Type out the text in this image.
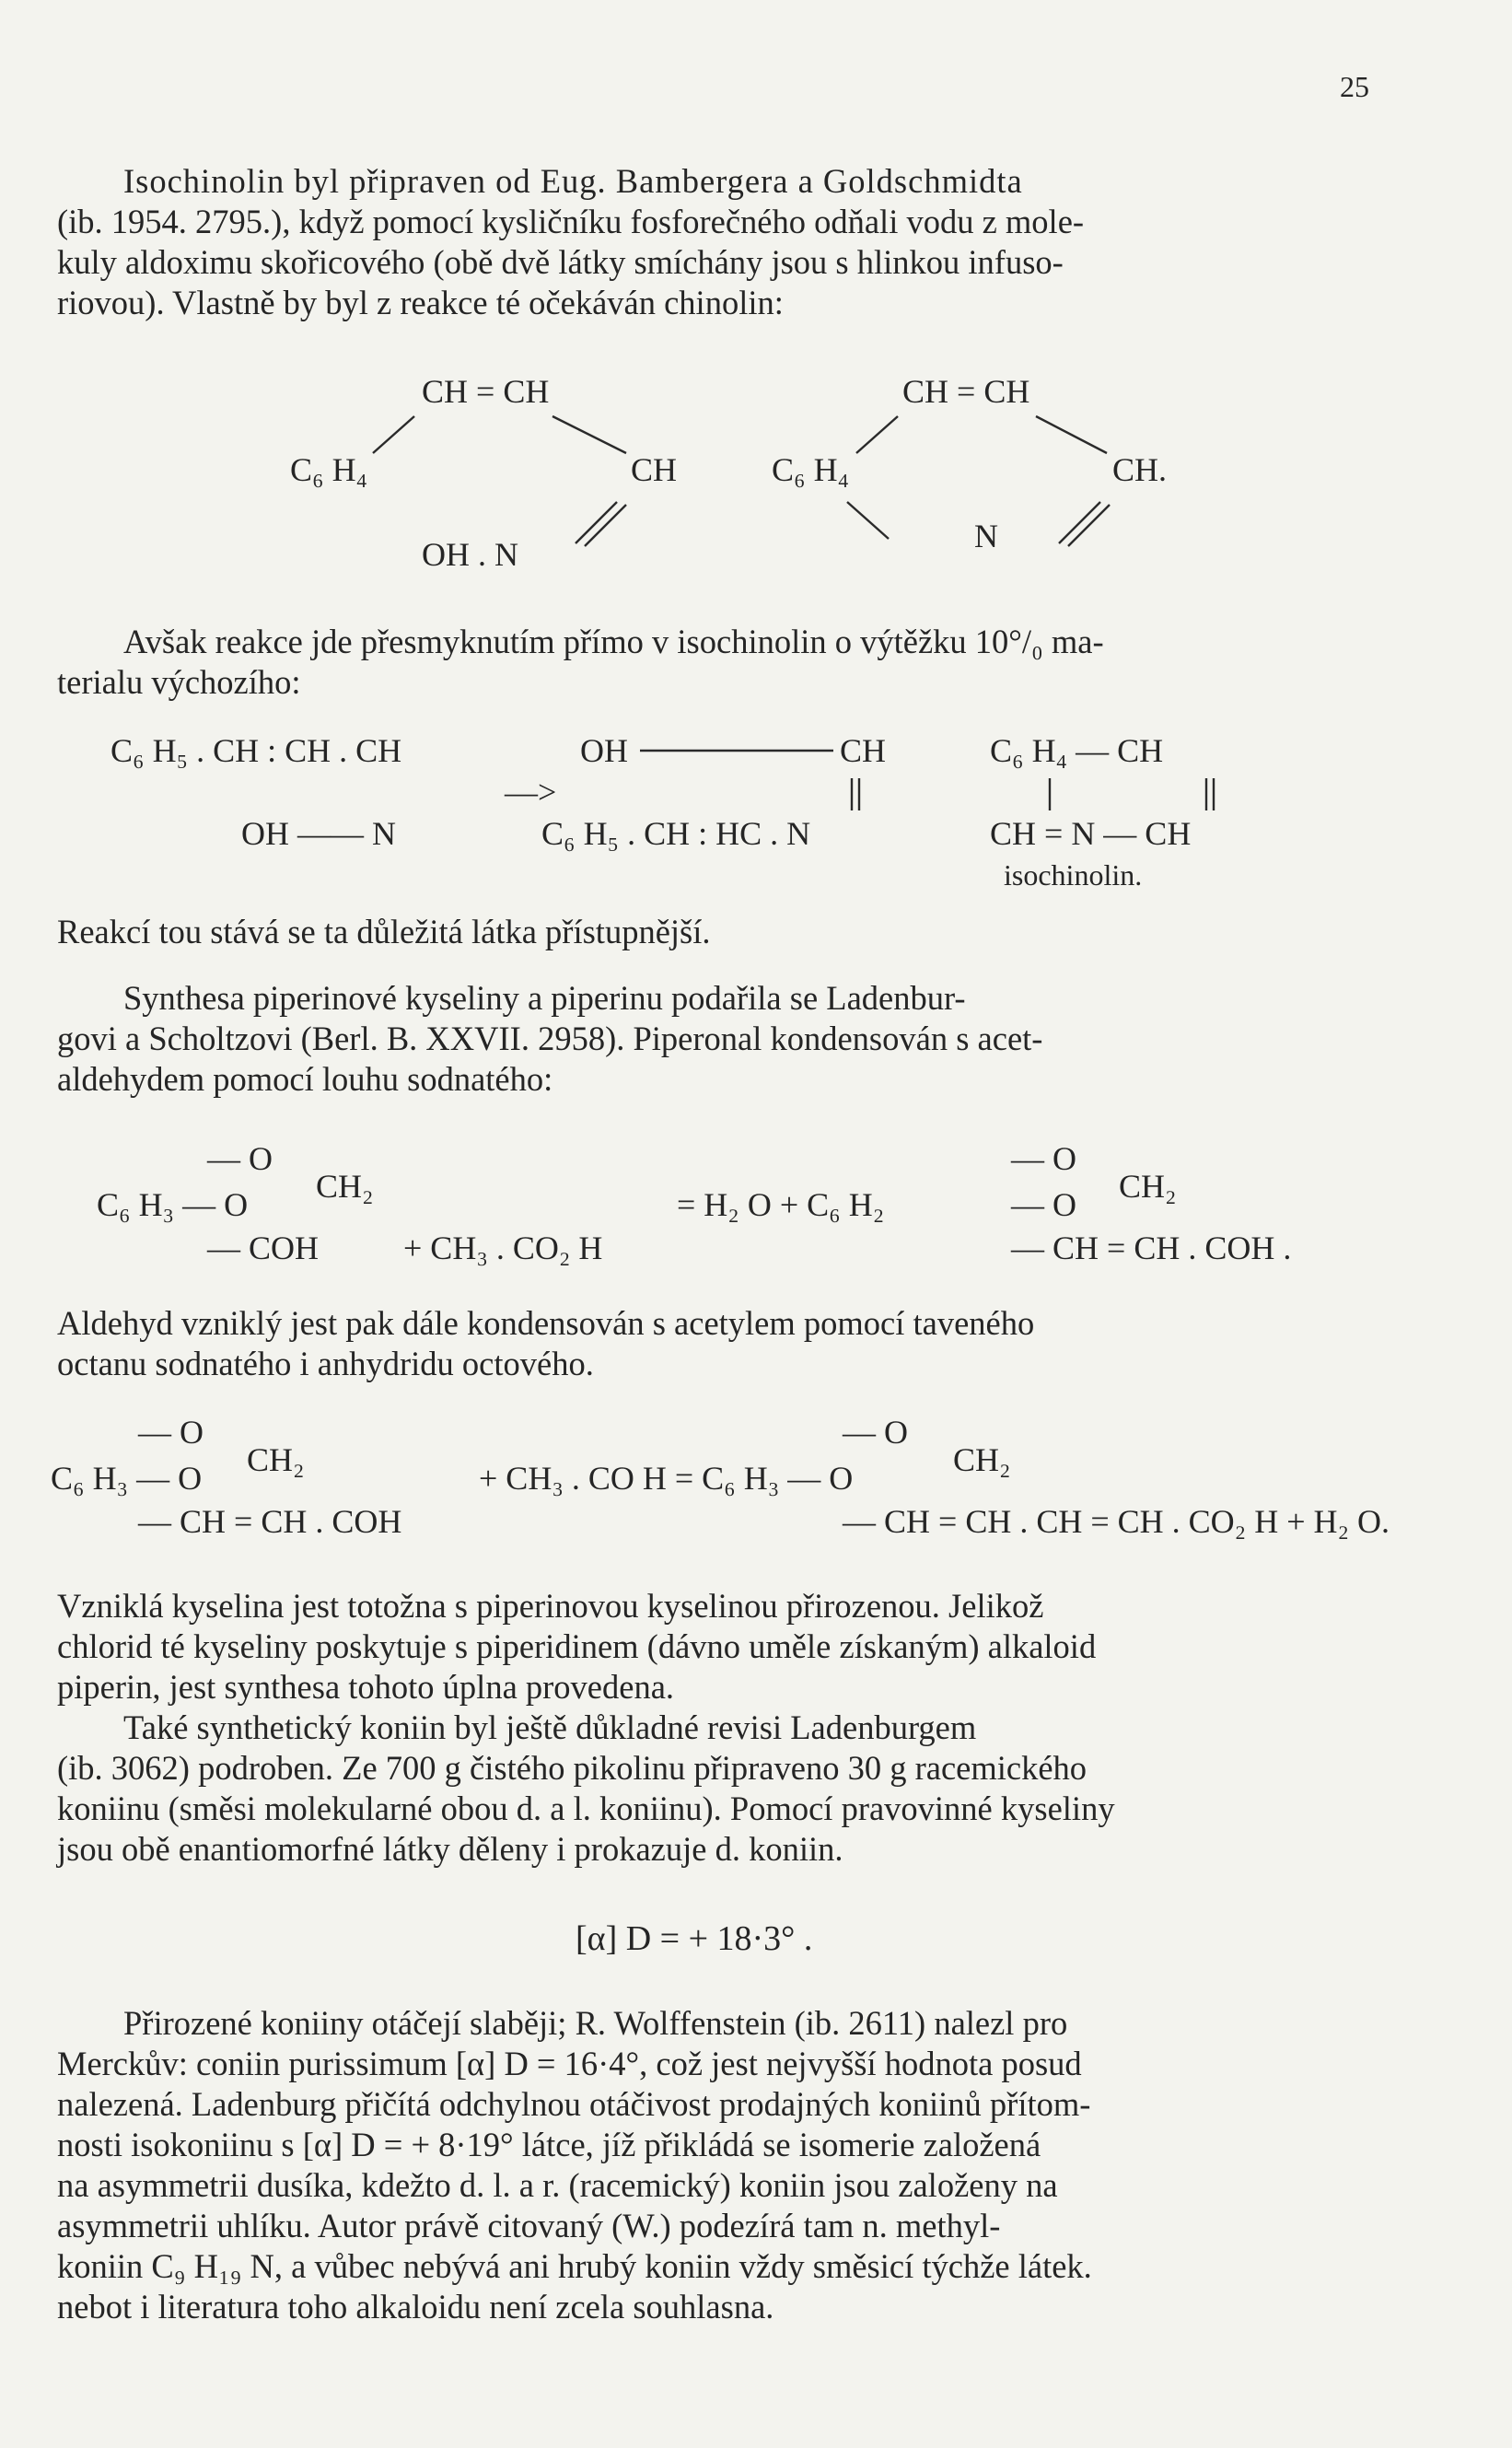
25
Isochinolin byl připraven od Eug. Bambergera a Goldschmidta
(ib. 1954. 2795.), když pomocí kysličníku fosforečného odňali vodu z mole-
kuly aldoximu skořicového (obě dvě látky smíchány jsou s hlinkou infuso-
riovou). Vlastně by byl z reakce té očekáván chinolin:
CH = CH	CH = CH
C₆ H₄	CH	C₆ H₄	CH.
OH . N	N
Avšak reakce jde přesmyknutím přímo v isochinolin o výtěžku 10°/₀ ma-
terialu výchozího:
C₆ H₅ . CH : CH . CH
OH —— N
—>
OH	CH
C₆ H₅ . CH : HC . N
C₆ H₄ — CH
CH = N — CH
isochinolin.
Reakcí tou stává se ta důležitá látka přístupnější.
Synthesa piperinové kyseliny a piperinu podařila se Ladenbur-
govi a Scholtzovi (Berl. B. XXVII. 2958). Piperonal kondensován s acet-
aldehydem pomocí louhu sodnatého:
— O
CH₂
C₆ H₃ — O
— COH	+ CH₃ . CO₂ H
= H₂ O + C₆ H₂
— O
CH₂
— O
— CH = CH . COH .
Aldehyd vzniklý jest pak dále kondensován s acetylem pomocí taveného
octanu sodnatého i anhydridu octového.
— O
CH₂
C₆ H₃ — O
— CH = CH . COH
+ CH₃ . CO H = C₆ H₃ — O
— O
CH₂
— CH = CH . CH = CH . CO₂ H + H₂ O.
Vzniklá kyselina jest totožna s piperinovou kyselinou přirozenou. Jelikož
chlorid té kyseliny poskytuje s piperidinem (dávno uměle získaným) alkaloid
piperin, jest synthesa tohoto úplna provedena.
Také synthetický koniin byl ještě důkladné revisi Ladenburgem
(ib. 3062) podroben. Ze 700 g čistého pikolinu připraveno 30 g racemického
koniinu (směsi molekularné obou d. a l. koniinu). Pomocí pravovinné kyseliny
jsou obě enantiomorfné látky děleny i prokazuje d. koniin.
[α] D = + 18·3° .
Přirozené koniiny otáčejí slaběji; R. Wolffenstein (ib. 2611) nalezl pro
Merckův: coniin purissimum [α] D = 16·4°, což jest nejvyšší hodnota posud
nalezená. Ladenburg přičítá odchylnou otáčivost prodajných koniinů přítom-
nosti isokoniinu s [α] D = + 8·19° látce, jíž přikládá se isomerie založená
na asymmetrii dusíka, kdežto d. l. a r. (racemický) koniin jsou založeny na
asymmetrii uhlíku. Autor právě citovaný (W.) podezírá tam n. methyl-
koniin C₉ H₁₉ N, a vůbec nebývá ani hrubý koniin vždy směsicí týchže látek.
nebot i literatura toho alkaloidu není zcela souhlasna.
